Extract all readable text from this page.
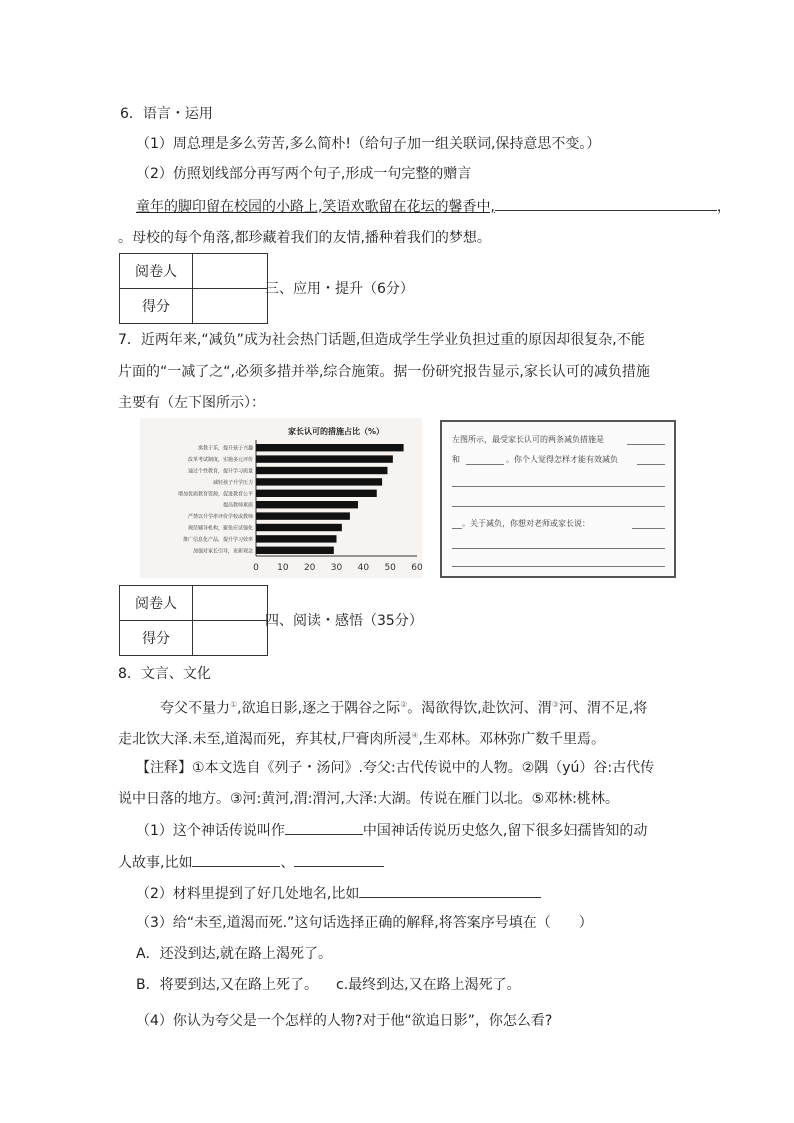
6．语言・运用
（1）周总理是多么劳苦,多么简朴!（给句子加一组关联词,保持意思不变。）
（2）仿照划线部分再写两个句子,形成一句完整的赠言
童年的脚印留在校园的小路上,笑语欢歌留在花坛的馨香中,	，
。母校的每个角落,都珍藏着我们的友情,播种着我们的梦想。
阅卷人	
得分	
三、应用・提升（6分）
7．近两年来,“减负”成为社会热门话题,但造成学生学业负担过重的原因却很复杂,不能
片面的“一减了之“,必须多措并举,综合施策。据一份研究报告显示,家长认可的减负措施
主要有（左下图所示）：
家长认可的措施占比（%）
寓教于乐，提升孩子兴趣
改革考试制度，实施多元评价
通过个性教育，提升学习质量
减轻孩子升学压力
增加优质教育资源，促进教育公平
提高教师素质
严禁以升学率评价学校或教师
规范辅导机构，避免应试强化
推广信息化产品，提升学习效率
加强对家长引导，更新观念
0 10 20 30 40 50 60
左图所示，最受家长认可的两条减负措施是
和	。你个人觉得怎样才能有效减负
。关于减负，你想对老师或家长说：
阅卷人	
得分	
四、阅读・感悟（35分）
8．文言、文化
夸父不量力①,欲追日影,逐之于隅谷之际②。渴欲得饮,赴饮河、渭③河、渭不足,将
走北饮大泽.未至,道渴而死，弃其杖,尸膏肉所浸④,生邓林。邓林弥广数千里焉。
【注释】①本文选自《列子・汤问》.夸父:古代传说中的人物。②隅（yú）谷:古代传
说中日落的地方。③河:黄河,渭:渭河,大泽:大湖。传说在雁门以北。⑤邓林:桃林。
（1）这个神话传说叫作	中国神话传说历史悠久,留下很多妇孺皆知的动
人故事,比如	、
（2）材料里提到了好几处地名,比如
（3）给“未至,道渴而死.”这句话选择正确的解释,将答案序号填在（　　）
A．还没到达,就在路上渴死了。
B．将要到达,又在路上死了。 c.最终到达,又在路上渴死了。
（4）你认为夸父是一个怎样的人物?对于他“欲追日影”，你怎么看?
